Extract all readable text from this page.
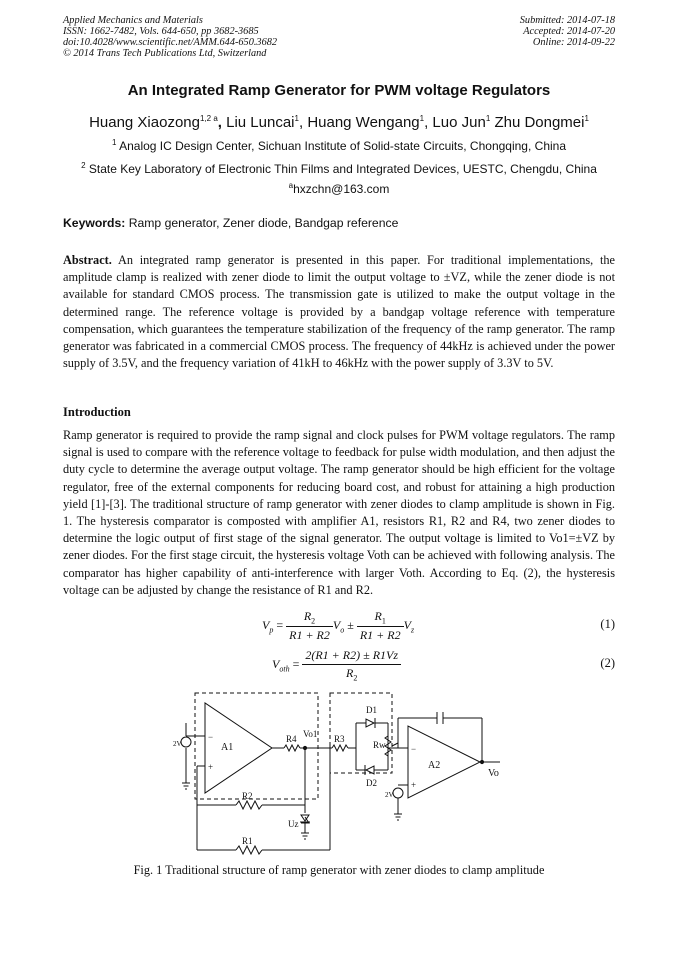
Applied Mechanics and Materials
ISSN: 1662-7482, Vols. 644-650, pp 3682-3685
doi:10.4028/www.scientific.net/AMM.644-650.3682
© 2014 Trans Tech Publications Ltd, Switzerland
Submitted: 2014-07-18
Accepted: 2014-07-20
Online: 2014-09-22
An Integrated Ramp Generator for PWM voltage Regulators
Huang Xiaozong$^{1,2 a}$, Liu Luncai$^1$, Huang Wengang$^1$, Luo Jun$^1$ Zhu Dongmei$^1$
$^1$ Analog IC Design Center, Sichuan Institute of Solid-state Circuits, Chongqing, China
$^2$ State Key Laboratory of Electronic Thin Films and Integrated Devices, UESTC, Chengdu, China
$^a$hxzchn@163.com
Keywords: Ramp generator, Zener diode, Bandgap reference
Abstract. An integrated ramp generator is presented in this paper. For traditional implementations, the amplitude clamp is realized with zener diode to limit the output voltage to ±VZ, while the zener diode is not available for standard CMOS process. The transmission gate is utilized to make the output voltage in the determined range. The reference voltage is provided by a bandgap voltage reference with temperature compensation, which guarantees the temperature stabilization of the frequency of the ramp generator. The ramp generator was fabricated in a commercial CMOS process. The frequency of 44kHz is achieved under the power supply of 3.5V, and the frequency variation of 41kH to 46kHz with the power supply of 3.3V to 5V.
Introduction
Ramp generator is required to provide the ramp signal and clock pulses for PWM voltage regulators. The ramp signal is used to compare with the reference voltage to feedback for pulse width modulation, and then adjust the duty cycle to determine the average output voltage. The ramp generator should be high efficient for the voltage regulator, free of the external components for reducing board cost, and robust for attaining a high production yield [1]-[3]. The traditional structure of ramp generator with zener diodes to clamp amplitude is shown in Fig. 1. The hysteresis comparator is composted with amplifier A1, resistors R1, R2 and R4, two zener diodes to determine the logic output of first stage of the signal generator. The output voltage is limited to Vo1=±VZ by zener diodes. For the first stage circuit, the hysteresis voltage Voth can be achieved with following analysis. The comparator has higher capability of anti-interference with larger Voth. According to Eq. (2), the hysteresis voltage can be adjusted by change the resistance of R1 and R2.
$V_p = \frac{R_2}{R1 + R2} V_o \pm \frac{R_1}{R1 + R2} V_z$	(1)
$V_{oth} = \frac{2(R1 + R2) \pm R1Vz}{R_2}$	(2)
A1
−
+
2V	R4 Vo1 R3
D1
D2
Rw
A2
−
+
2V
Vo
R2
Uz
R1
Fig. 1 Traditional structure of ramp generator with zener diodes to clamp amplitude
